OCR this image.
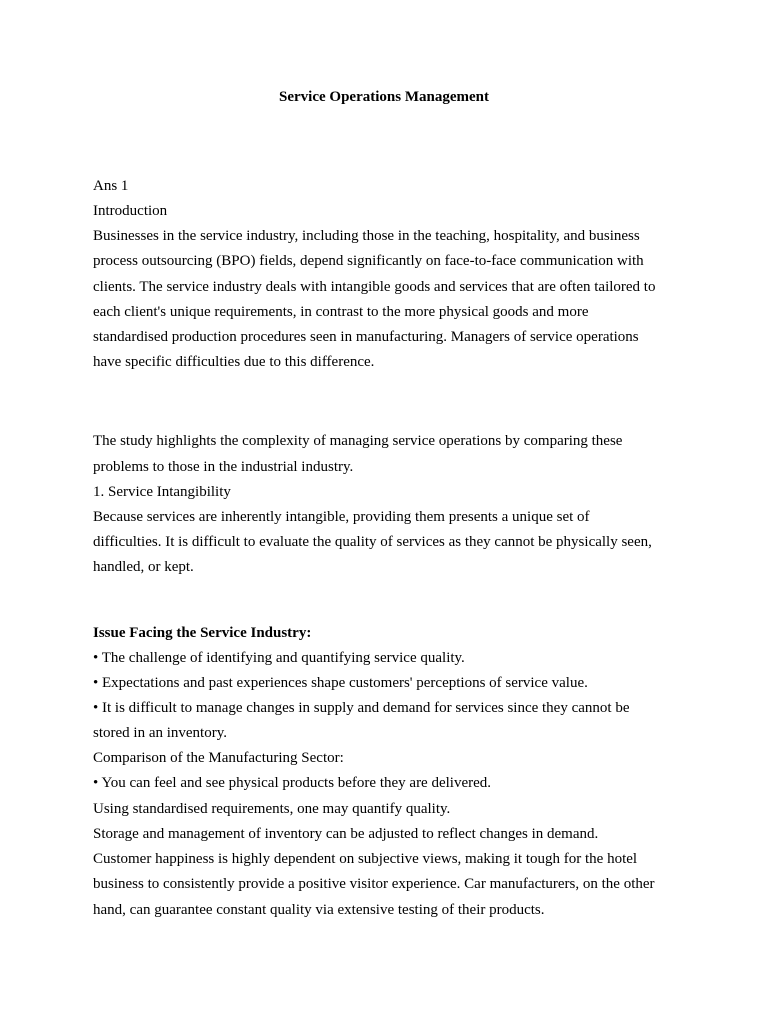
Service Operations Management
Ans 1
Introduction
Businesses in the service industry, including those in the teaching, hospitality, and business
process outsourcing (BPO) fields, depend significantly on face-to-face communication with
clients. The service industry deals with intangible goods and services that are often tailored to
each client's unique requirements, in contrast to the more physical goods and more
standardised production procedures seen in manufacturing. Managers of service operations
have specific difficulties due to this difference.
The study highlights the complexity of managing service operations by comparing these
problems to those in the industrial industry.
1. Service Intangibility
Because services are inherently intangible, providing them presents a unique set of
difficulties. It is difficult to evaluate the quality of services as they cannot be physically seen,
handled, or kept.
Issue Facing the Service Industry:
• The challenge of identifying and quantifying service quality.
• Expectations and past experiences shape customers' perceptions of service value.
• It is difficult to manage changes in supply and demand for services since they cannot be
stored in an inventory.
Comparison of the Manufacturing Sector:
• You can feel and see physical products before they are delivered.
Using standardised requirements, one may quantify quality.
Storage and management of inventory can be adjusted to reflect changes in demand.
Customer happiness is highly dependent on subjective views, making it tough for the hotel
business to consistently provide a positive visitor experience. Car manufacturers, on the other
hand, can guarantee constant quality via extensive testing of their products.
